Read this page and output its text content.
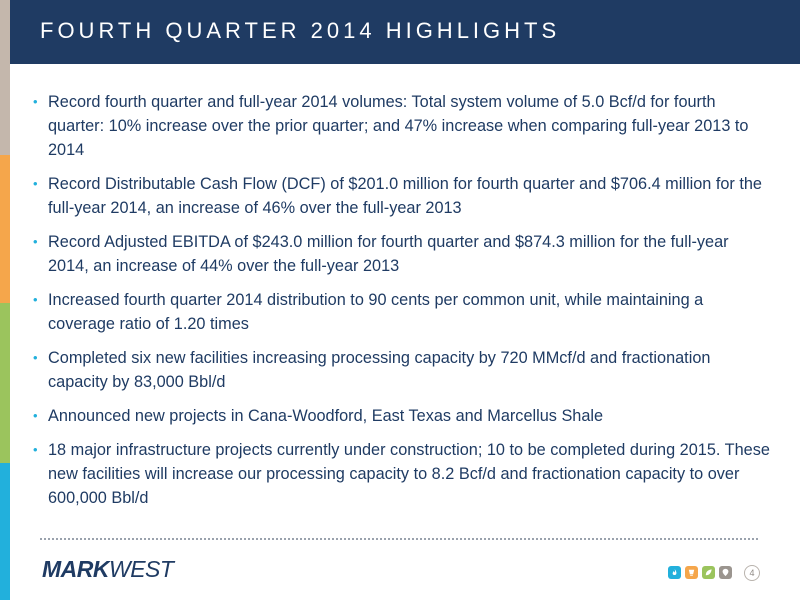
FOURTH QUARTER 2014 HIGHLIGHTS
• Record fourth quarter and full-year 2014 volumes: Total system volume of 5.0 Bcf/d for fourth quarter: 10% increase over the prior quarter; and 47% increase when comparing full-year 2013 to 2014
• Record Distributable Cash Flow (DCF) of $201.0 million for fourth quarter and $706.4 million for the full-year 2014, an increase of 46% over the full-year 2013
• Record Adjusted EBITDA of $243.0 million for fourth quarter and $874.3 million for the full-year 2014, an increase of 44% over the full-year 2013
• Increased fourth quarter 2014 distribution to 90 cents per common unit, while maintaining a coverage ratio of 1.20 times
• Completed six new facilities increasing processing capacity by 720 MMcf/d and fractionation capacity by 83,000 Bbl/d
• Announced new projects in Cana-Woodford, East Texas and Marcellus Shale
• 18 major infrastructure projects currently under construction; 10 to be completed during 2015. These new facilities will increase our processing capacity to 8.2 Bcf/d and fractionation capacity to over 600,000 Bbl/d
MARKWEST	4
